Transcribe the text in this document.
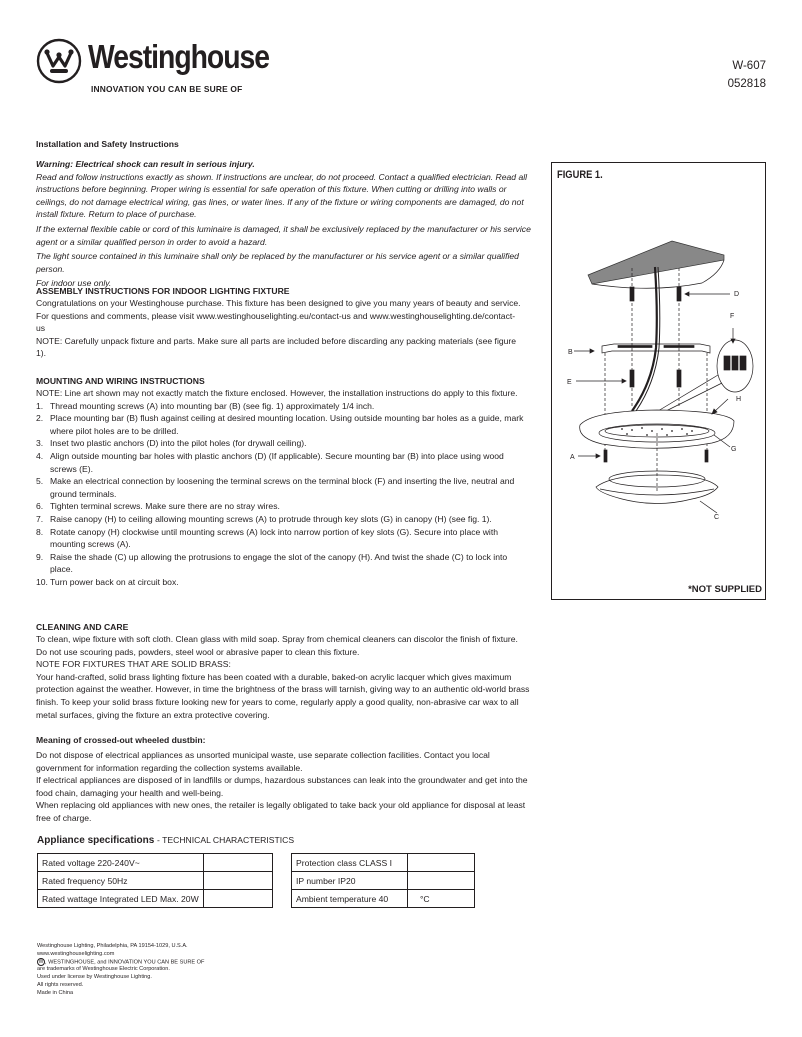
Westinghouse
INNOVATION YOU CAN BE SURE OF
W-607
052818
Installation and Safety Instructions
Warning: Electrical shock can result in serious injury.

Read and follow instructions exactly as shown. If instructions are unclear, do not proceed. Contact a qualified electrician. Read all instructions before beginning. Proper wiring is essential for safe operation of this fixture. When cutting or drilling into walls or ceilings, do not damage electrical wiring, gas lines, or water lines. If any of the fixture or wiring components are damaged, do not install fixture. Return to place of purchase.

If the external flexible cable or cord of this luminaire is damaged, it shall be exclusively replaced by the manufacturer or his service agent or a similar qualified person in order to avoid a hazard.

The light source contained in this luminaire shall only be replaced by the manufacturer or his service agent or a similar qualified person.

For indoor use only.

ASSEMBLY INSTRUCTIONS FOR INDOOR LIGHTING FIXTURE

Congratulations on your Westinghouse purchase. This fixture has been designed to give you many years of beauty and service. For questions and comments, please visit www.westinghouselighting.eu/contact-us and www.westinghouselighting.de/contact-us

NOTE: Carefully unpack fixture and parts. Make sure all parts are included before discarding any packing materials (see figure 1).

MOUNTING AND WIRING INSTRUCTIONS

NOTE: Line art shown may not exactly match the fixture enclosed. However, the installation instructions do apply to this fixture.

1. Thread mounting screws (A) into mounting bar (B) (see fig. 1) approximately 1/4 inch.
2. Place mounting bar (B) flush against ceiling at desired mounting location. Using outside mounting bar holes as a guide, mark where pilot holes are to be drilled.
3. Inset two plastic anchors (D) into the pilot holes (for drywall ceiling).
4. Align outside mounting bar holes with plastic anchors (D) (If applicable). Secure mounting bar (B) into place using wood screws (E).
5. Make an electrical connection by loosening the terminal screws on the terminal block (F) and inserting the live, neutral and ground terminals.
6. Tighten terminal screws. Make sure there are no stray wires.
7. Raise canopy (H) to ceiling allowing mounting screws (A) to protrude through key slots (G) in canopy (H) (see fig. 1).
8. Rotate canopy (H) clockwise until mounting screws (A) lock into narrow portion of key slots (G). Secure into place with mounting screws (A).
9. Raise the shade (C) up allowing the protrusions to engage the slot of the canopy (H). And twist the shade (C) to lock into place.
10. Turn power back on at circuit box.
CLEANING AND CARE

To clean, wipe fixture with soft cloth. Clean glass with mild soap. Spray from chemical cleaners can discolor the finish of fixture. Do not use scouring pads, powders, steel wool or abrasive paper to clean this fixture.

NOTE FOR FIXTURES THAT ARE SOLID BRASS:

Your hand-crafted, solid brass lighting fixture has been coated with a durable, baked-on acrylic lacquer which gives maximum protection against the weather. However, in time the brightness of the brass will tarnish, giving way to an authentic old-world brass finish. To keep your solid brass fixture looking new for years to come, regularly apply a good quality, non-abrasive car wax to all metal surfaces, giving the fixture an extra protective covering.

Meaning of crossed-out wheeled dustbin:

Do not dispose of electrical appliances as unsorted municipal waste, use separate collection facilities. Contact you local government for information regarding the collection systems available.

If electrical appliances are disposed of in landfills or dumps, hazardous substances can leak into the groundwater and get into the food chain, damaging your health and well-being.

When replacing old appliances with new ones, the retailer is legally obligated to take back your old appliance for disposal at least free of charge.

Appliance specifications - TECHNICAL CHARACTERISTICS
Rated voltage 220-240V~	
Rated frequency 50Hz	
Rated wattage Integrated LED Max. 20W	
Protection class CLASS I	
IP number IP20	
Ambient temperature 40	°C
Westinghouse Lighting, Philadelphia, PA 19154-1029, U.S.A.
www.westinghouselighting.com
W , WESTINGHOUSE, and INNOVATION YOU CAN BE SURE OF
are trademarks of Westinghouse Electric Corporation.
Used under license by Westinghouse Lighting.
All rights reserved.
Made in China
FIGURE 1.
D
F
B
E
H
G
A
C
*NOT SUPPLIED
